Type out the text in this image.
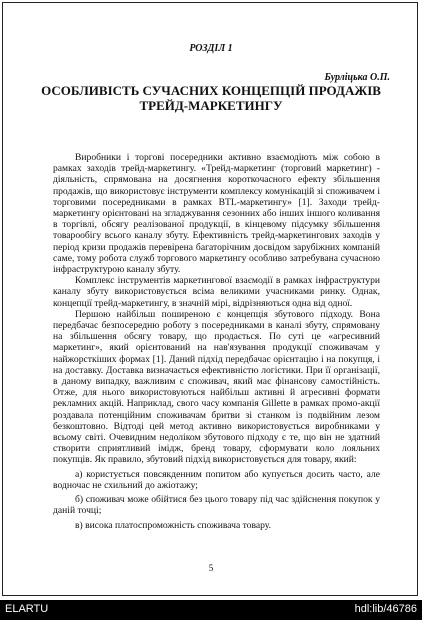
РОЗДІЛ 1
Бурліцька О.П.
ОСОБЛИВІСТЬ СУЧАСНИХ КОНЦЕПЦІЙ ПРОДАЖІВ ТРЕЙД-МАРКЕТИНГУ

Виробники і торгові посередники активно взаємодіють між собою в рамках заходів трейд-маркетингу. «Трейд-маркетинг (торговий маркетинг) - діяльність, спрямована на досягнення короткочасного ефекту збільшення продажів, що використовує інструменти комплексу комунікацій зі споживачем і торговими посередниками в рамках BTL-маркетингу» [1]. Заходи трейд-маркетингу орієнтовані на згладжування сезонних або інших іншого коливання в торгівлі, обсягу реалізованої продукції, в кінцевому підсумку збільшення товарообігу всього каналу збуту. Ефективність трейд-маркетингових заходів у період кризи продажів перевірена багаторічним досвідом зарубіжних компаній саме, тому робота служб торгового маркетингу особливо затребувана сучасною інфраструктурою каналу збуту.

Комплекс інструментів маркетингової взаємодії в рамках інфраструктури каналу збуту використовується всіма великими учасниками ринку. Однак, концепції трейд-маркетингу, в значній мірі, відрізняються одна від одної.

Першою найбільш поширеною є концепція збутового підходу. Вона передбачає безпосередню роботу з посередниками в каналі збуту, спрямовану на збільшення обсягу товару, що продається. По суті це «агресивний маркетинг», який орієнтований на нав'язування продукції споживачам у найжорсткіших формах [1]. Даний підхід передбачає орієнтацію і на покупця, і на доставку. Доставка визначається ефективністю логістики. При її організації, в даному випадку, важливим є споживач, який має фінансову самостійність. Отже, для нього використовуються найбільш активні й агресивні формати рекламних акцій. Наприклад, свого часу компанія Gillette в рамках промо-акції роздавала потенційним споживачам бритви зі станком із подвійним лезом безкоштовно. Відтоді цей метод активно використовується виробниками у всьому світі. Очевидним недоліком збутового підходу є те, що він не здатний створити сприятливий імідж, бренд товару, сформувати коло лояльних покупців. Як правило, збутовий підхід використовується для товару, який:

а) користується повсякденним попитом або купується досить часто, але водночас не схильний до ажіотажу;

б) споживач може обійтися без цього товару під час здійснення покупок у даній точці;

в) висока платоспроможність споживача товару.

5
ELARTU	hdl:lib/46786
